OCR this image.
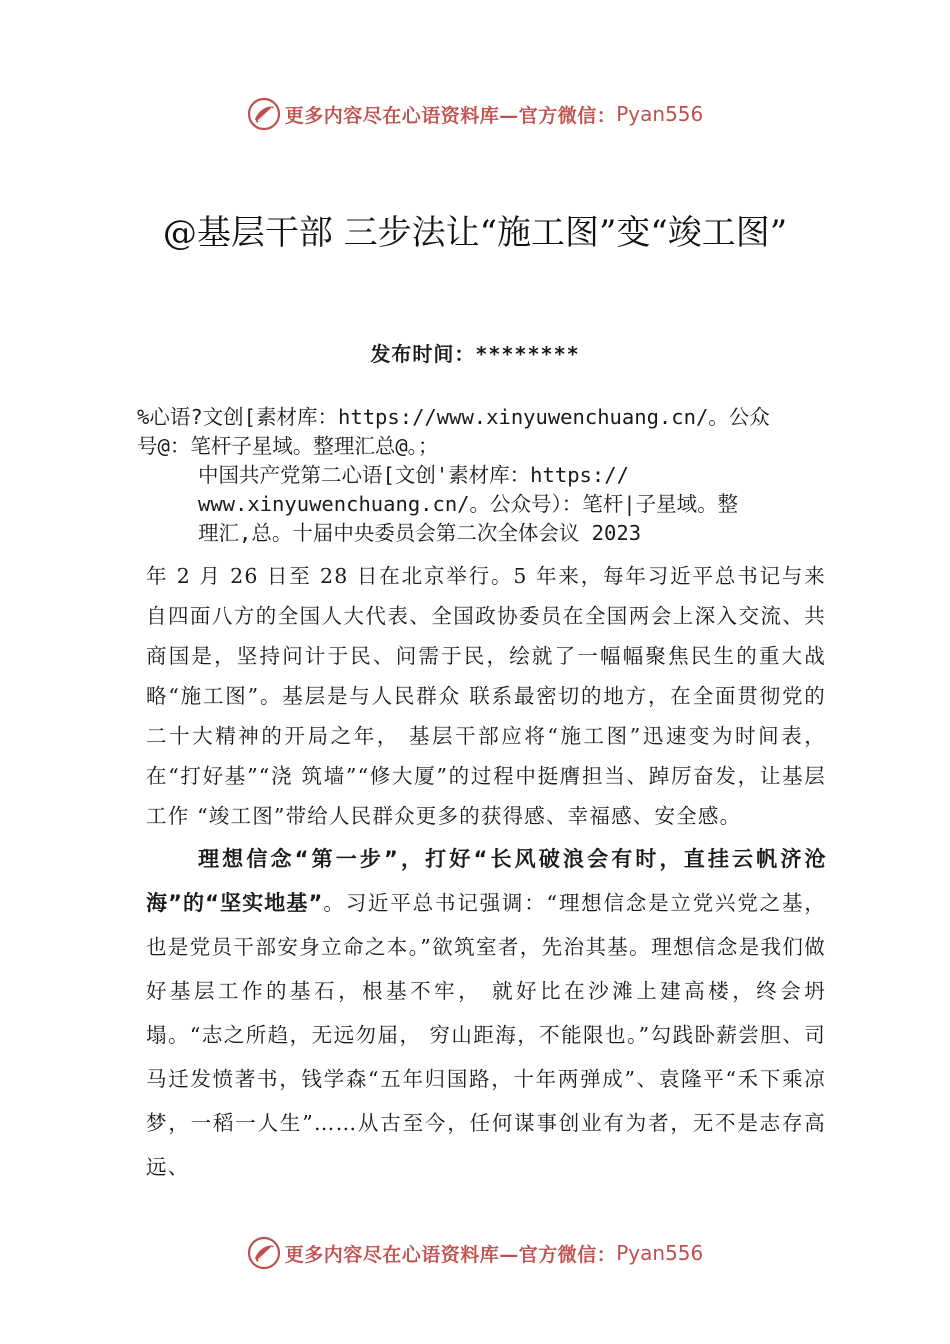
更多内容尽在心语资料库—官方微信： Pyan556
@基层干部 三步法让“施工图”变“竣工图”
发布时间：********
%心语?文创[素材库：https://www.xinyuwenchuang.cn/。公众
号@：笔杆子星域。整理汇总@。；
中国共产党第二心语[文创'素材库：https://
www.xinyuwenchuang.cn/。公众号）：笔杆|子星域。整
理汇,总。十届中央委员会第二次全体会议 2023

年 2 月 26 日至 28 日在北京举行。5 年来，每年习近平总书记与来自四面八方的全国人大代表、全国政协委员在全国两会上深入交流、共商国是，坚持问计于民、问需于民，绘就了一幅幅聚焦民生的重大战略“施工图”。基层是与人民群众 联系最密切的地方，在全面贯彻党的二十大精神的开局之年， 基层干部应将“施工图”迅速变为时间表，在“打好基”“浇 筑墙”“修大厦”的过程中挺膺担当、踔厉奋发，让基层工作 “竣工图”带给人民群众更多的获得感、幸福感、安全感。

理想信念“第一步”，打好“长风破浪会有时，直挂云帆济沧海”的“坚实地基”。习近平总书记强调：“理想信念是立党兴党之基，也是党员干部安身立命之本。”欲筑室者，先治其基。理想信念是我们做好基层工作的基石，根基不牢， 就好比在沙滩上建高楼，终会坍塌。“志之所趋，无远勿届， 穷山距海，不能限也。”勾践卧薪尝胆、司马迁发愤著书，钱学森“五年归国路，十年两弹成”、袁隆平“禾下乘凉梦，一稻一人生”……从古至今，任何谋事创业有为者，无不是志存高远、

更多内容尽在心语资料库—官方微信： Pyan556
